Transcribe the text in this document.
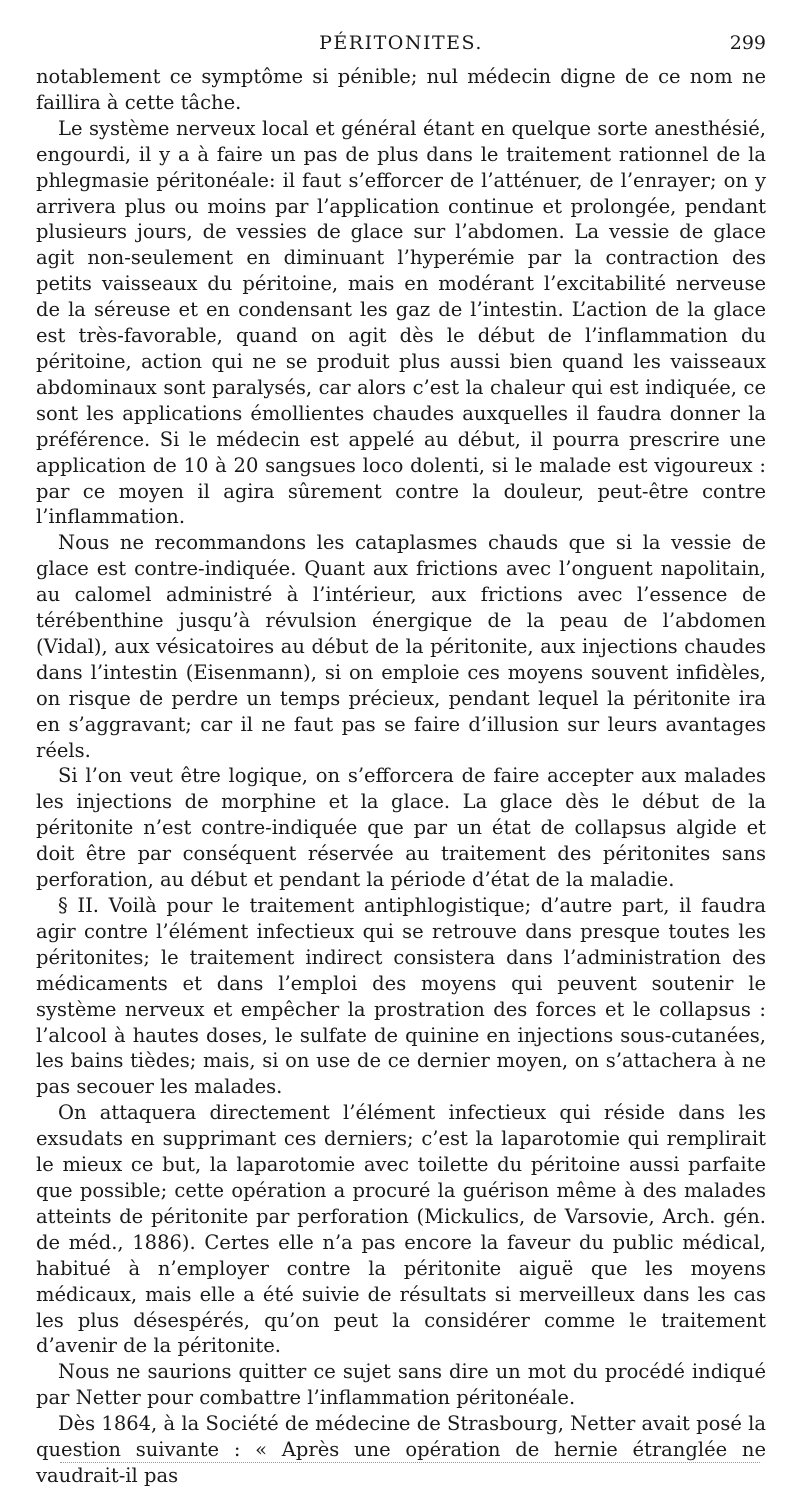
PÉRITONITES.	299

notablement ce symptôme si pénible; nul médecin digne de ce nom ne faillira à cette tâche.

Le système nerveux local et général étant en quelque sorte anesthésié, engourdi, il y a à faire un pas de plus dans le traitement rationnel de la phlegmasie péritonéale: il faut s’efforcer de l’atténuer, de l’enrayer; on y arrivera plus ou moins par l’application continue et prolongée, pendant plusieurs jours, de vessies de glace sur l’abdomen. La vessie de glace agit non-seulement en diminuant l’hyperémie par la contraction des petits vaisseaux du péritoine, mais en modérant l’excitabilité nerveuse de la séreuse et en condensant les gaz de l’intestin. L’action de la glace est très-favorable, quand on agit dès le début de l’inflammation du péritoine, action qui ne se produit plus aussi bien quand les vaisseaux abdominaux sont paralysés, car alors c’est la chaleur qui est indiquée, ce sont les applications émollientes chaudes auxquelles il faudra donner la préférence. Si le médecin est appelé au début, il pourra prescrire une application de 10 à 20 sangsues loco dolenti, si le malade est vigoureux : par ce moyen il agira sûrement contre la douleur, peut-être contre l’inflammation.

Nous ne recommandons les cataplasmes chauds que si la vessie de glace est contre-indiquée. Quant aux frictions avec l’onguent napolitain, au calomel administré à l’intérieur, aux frictions avec l’essence de térébenthine jusqu’à révulsion énergique de la peau de l’abdomen (Vidal), aux vésicatoires au début de la péritonite, aux injections chaudes dans l’intestin (Eisenmann), si on emploie ces moyens souvent infidèles, on risque de perdre un temps précieux, pendant lequel la péritonite ira en s’aggravant; car il ne faut pas se faire d’illusion sur leurs avantages réels.

Si l’on veut être logique, on s’efforcera de faire accepter aux malades les injections de morphine et la glace. La glace dès le début de la péritonite n’est contre-indiquée que par un état de collapsus algide et doit être par conséquent réservée au traitement des péritonites sans perforation, au début et pendant la période d’état de la maladie.

§ II. Voilà pour le traitement antiphlogistique; d’autre part, il faudra agir contre l’élément infectieux qui se retrouve dans presque toutes les péritonites; le traitement indirect consistera dans l’administration des médicaments et dans l’emploi des moyens qui peuvent soutenir le système nerveux et empêcher la prostration des forces et le collapsus : l’alcool à hautes doses, le sulfate de quinine en injections sous-cutanées, les bains tièdes; mais, si on use de ce dernier moyen, on s’attachera à ne pas secouer les malades.

On attaquera directement l’élément infectieux qui réside dans les exsudats en supprimant ces derniers; c’est la laparotomie qui remplirait le mieux ce but, la laparotomie avec toilette du péritoine aussi parfaite que possible; cette opération a procuré la guérison même à des malades atteints de péritonite par perforation (Mickulics, de Varsovie, Arch. gén. de méd., 1886). Certes elle n’a pas encore la faveur du public médical, habitué à n’employer contre la péritonite aiguë que les moyens médicaux, mais elle a été suivie de résultats si merveilleux dans les cas les plus désespérés, qu’on peut la considérer comme le traitement d’avenir de la péritonite.

Nous ne saurions quitter ce sujet sans dire un mot du procédé indiqué par Netter pour combattre l’inflammation péritonéale.

Dès 1864, à la Société de médecine de Strasbourg, Netter avait posé la question suivante : « Après une opération de hernie étranglée ne vaudrait-il pas
